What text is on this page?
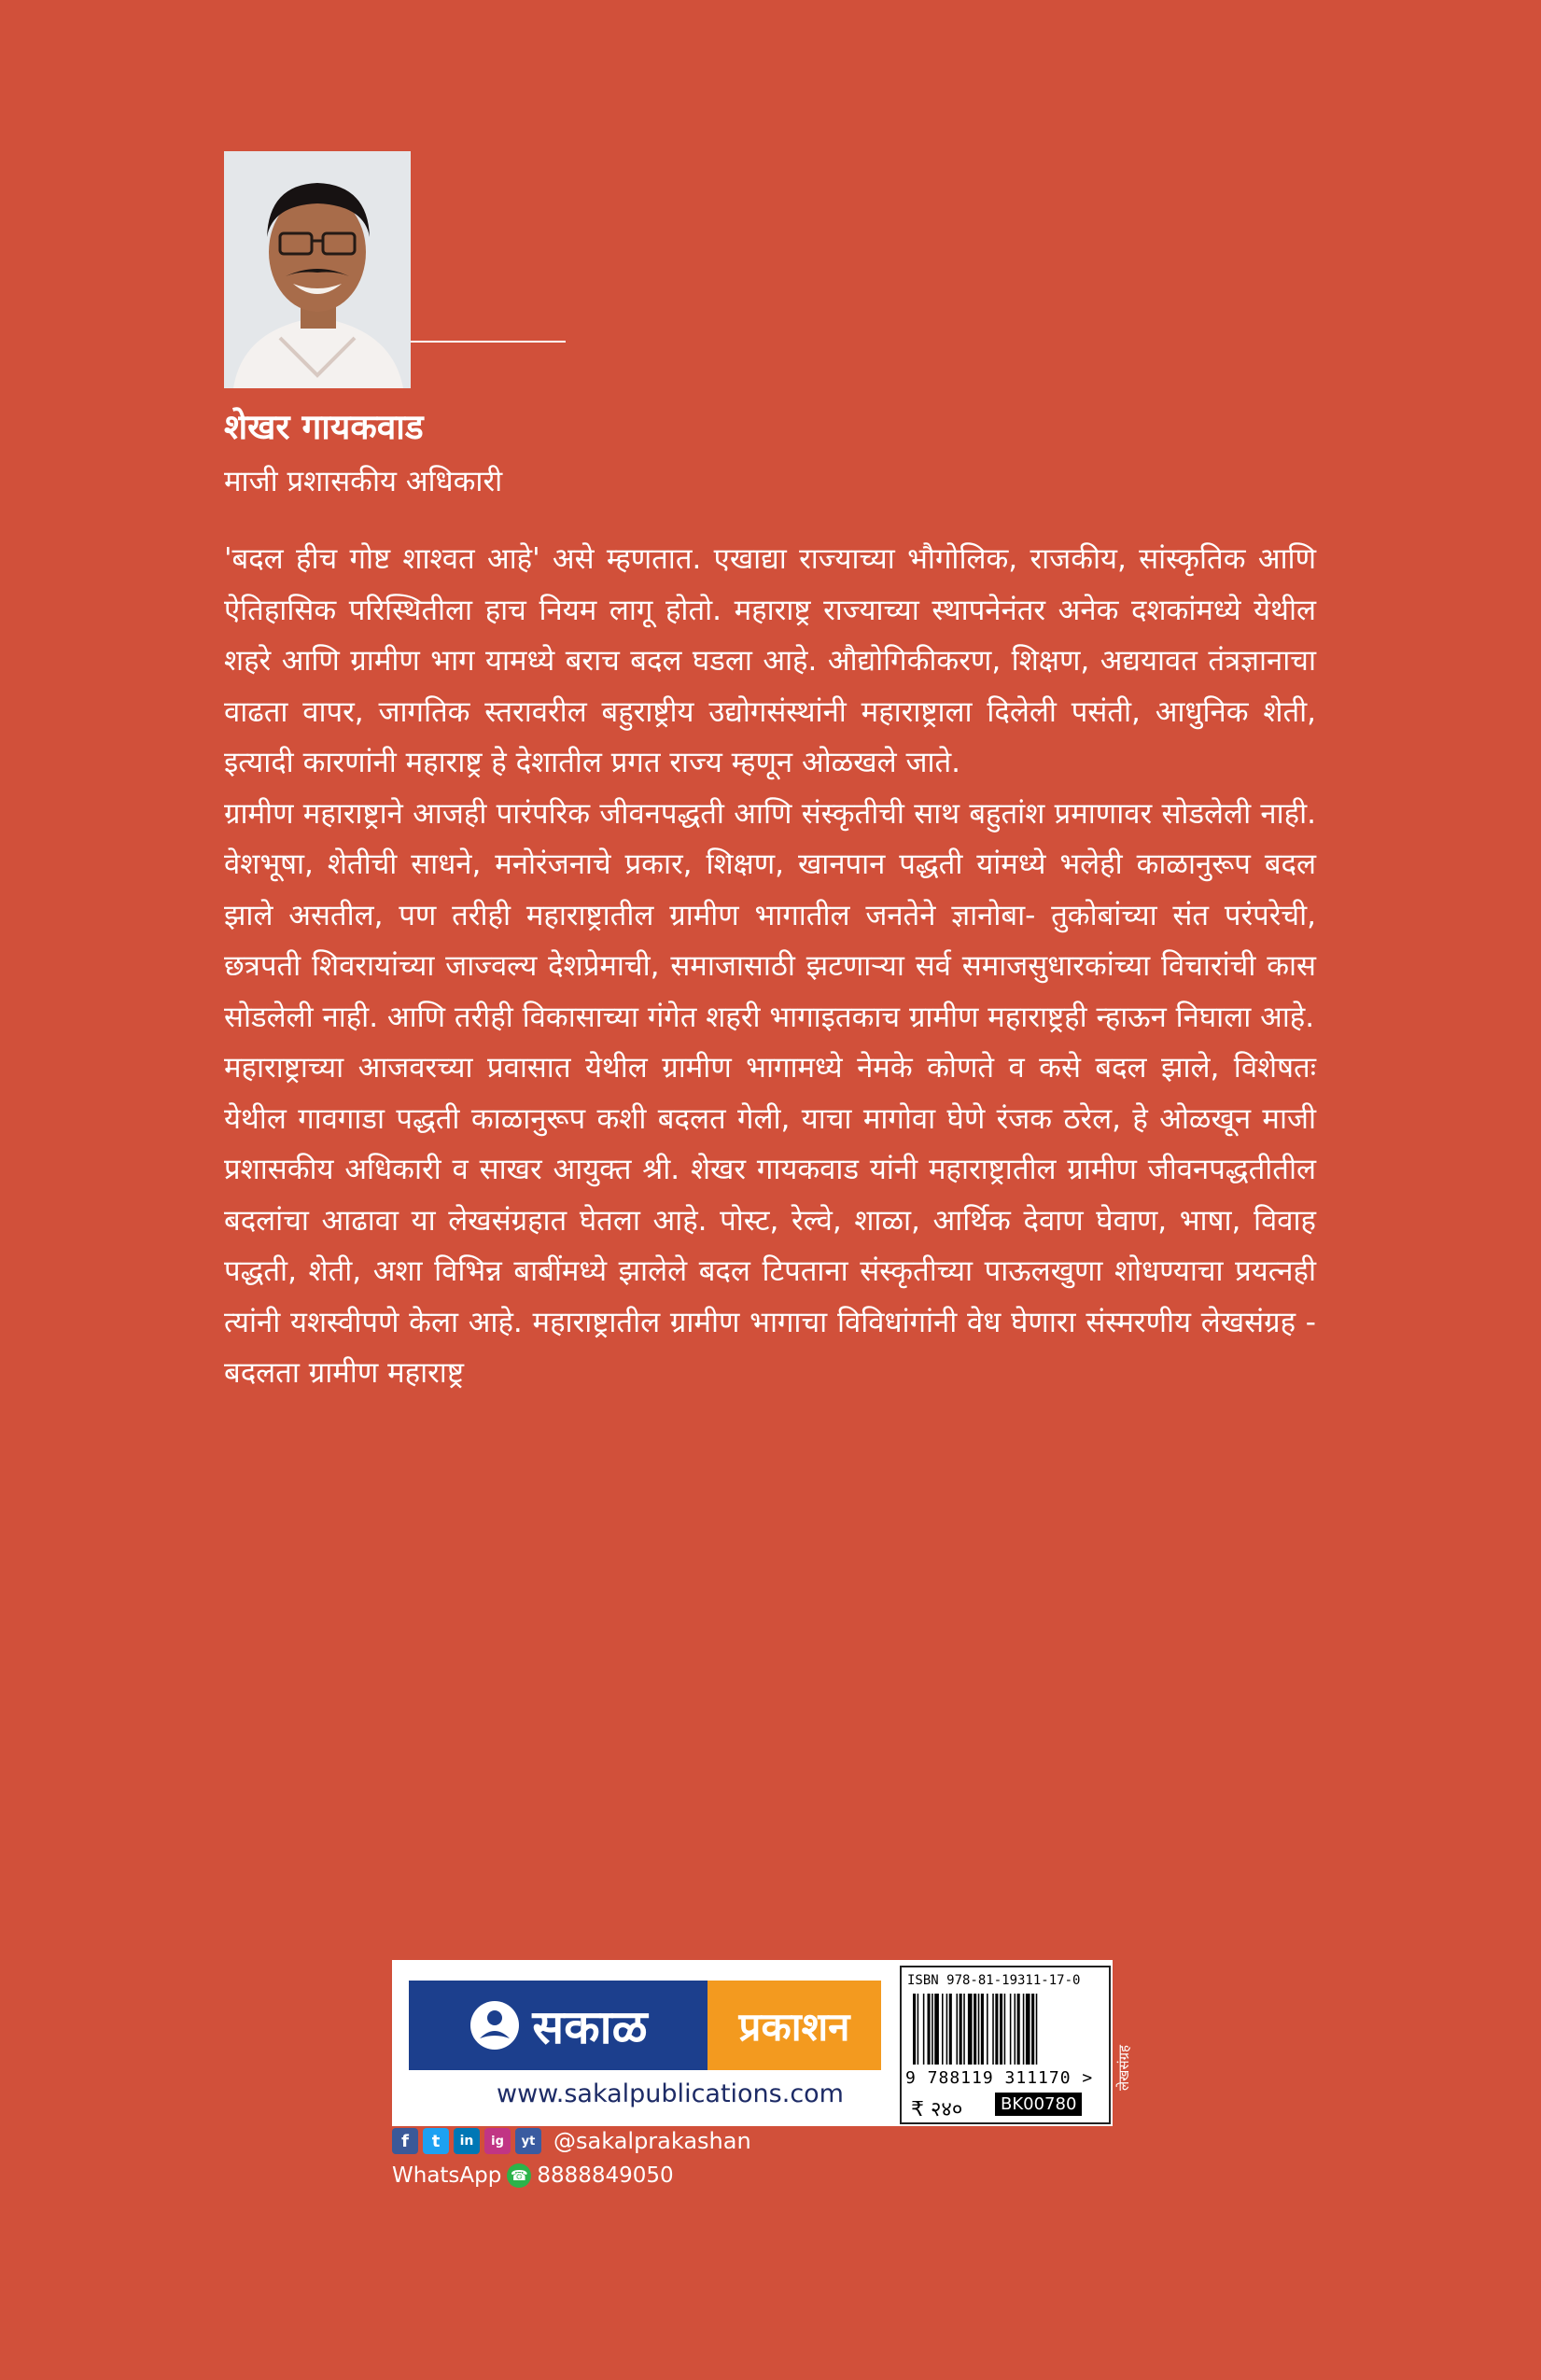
शेखर गायकवाड
माजी प्रशासकीय अधिकारी

'बदल हीच गोष्ट शाश्वत आहे' असे म्हणतात. एखाद्या राज्याच्या भौगोलिक, राजकीय, सांस्कृतिक आणि ऐतिहासिक परिस्थितीला हाच नियम लागू होतो. महाराष्ट्र राज्याच्या स्थापनेनंतर अनेक दशकांमध्ये येथील शहरे आणि ग्रामीण भाग यामध्ये बराच बदल घडला आहे. औद्योगिकीकरण, शिक्षण, अद्ययावत तंत्रज्ञानाचा वाढता वापर, जागतिक स्तरावरील बहुराष्ट्रीय उद्योगसंस्थांनी महाराष्ट्राला दिलेली पसंती, आधुनिक शेती, इत्यादी कारणांनी महाराष्ट्र हे देशातील प्रगत राज्य म्हणून ओळखले जाते.

ग्रामीण महाराष्ट्राने आजही पारंपरिक जीवनपद्धती आणि संस्कृतीची साथ बहुतांश प्रमाणावर सोडलेली नाही. वेशभूषा, शेतीची साधने, मनोरंजनाचे प्रकार, शिक्षण, खानपान पद्धती यांमध्ये भलेही काळानुरूप बदल झाले असतील, पण तरीही महाराष्ट्रातील ग्रामीण भागातील जनतेने ज्ञानोबा- तुकोबांच्या संत परंपरेची, छत्रपती शिवरायांच्या जाज्वल्य देशप्रेमाची, समाजासाठी झटणाऱ्या सर्व समाजसुधारकांच्या विचारांची कास सोडलेली नाही. आणि तरीही विकासाच्या गंगेत शहरी भागाइतकाच ग्रामीण महाराष्ट्रही न्हाऊन निघाला आहे.

महाराष्ट्राच्या आजवरच्या प्रवासात येथील ग्रामीण भागामध्ये नेमके कोणते व कसे बदल झाले, विशेषतः येथील गावगाडा पद्धती काळानुरूप कशी बदलत गेली, याचा मागोवा घेणे रंजक ठरेल, हे ओळखून माजी प्रशासकीय अधिकारी व साखर आयुक्त श्री. शेखर गायकवाड यांनी महाराष्ट्रातील ग्रामीण जीवनपद्धतीतील बदलांचा आढावा या लेखसंग्रहात घेतला आहे. पोस्ट, रेल्वे, शाळा, आर्थिक देवाण घेवाण, भाषा, विवाह पद्धती, शेती, अशा विभिन्न बाबींमध्ये झालेले बदल टिपताना संस्कृतीच्या पाऊलखुणा शोधण्याचा प्रयत्नही त्यांनी यशस्वीपणे केला आहे. महाराष्ट्रातील ग्रामीण भागाचा विविधांगांनी वेध घेणारा संस्मरणीय लेखसंग्रह - बदलता ग्रामीण महाराष्ट्र

सकाळ प्रकाशन
www.sakalpublications.com
ISBN 978-81-19311-17-0
9 788119 311170 >
₹ २४०	BK00780
लेखसंग्रह
f	t	in	ig	yt @sakalprakashan
WhatsApp ☎ 8888849050
